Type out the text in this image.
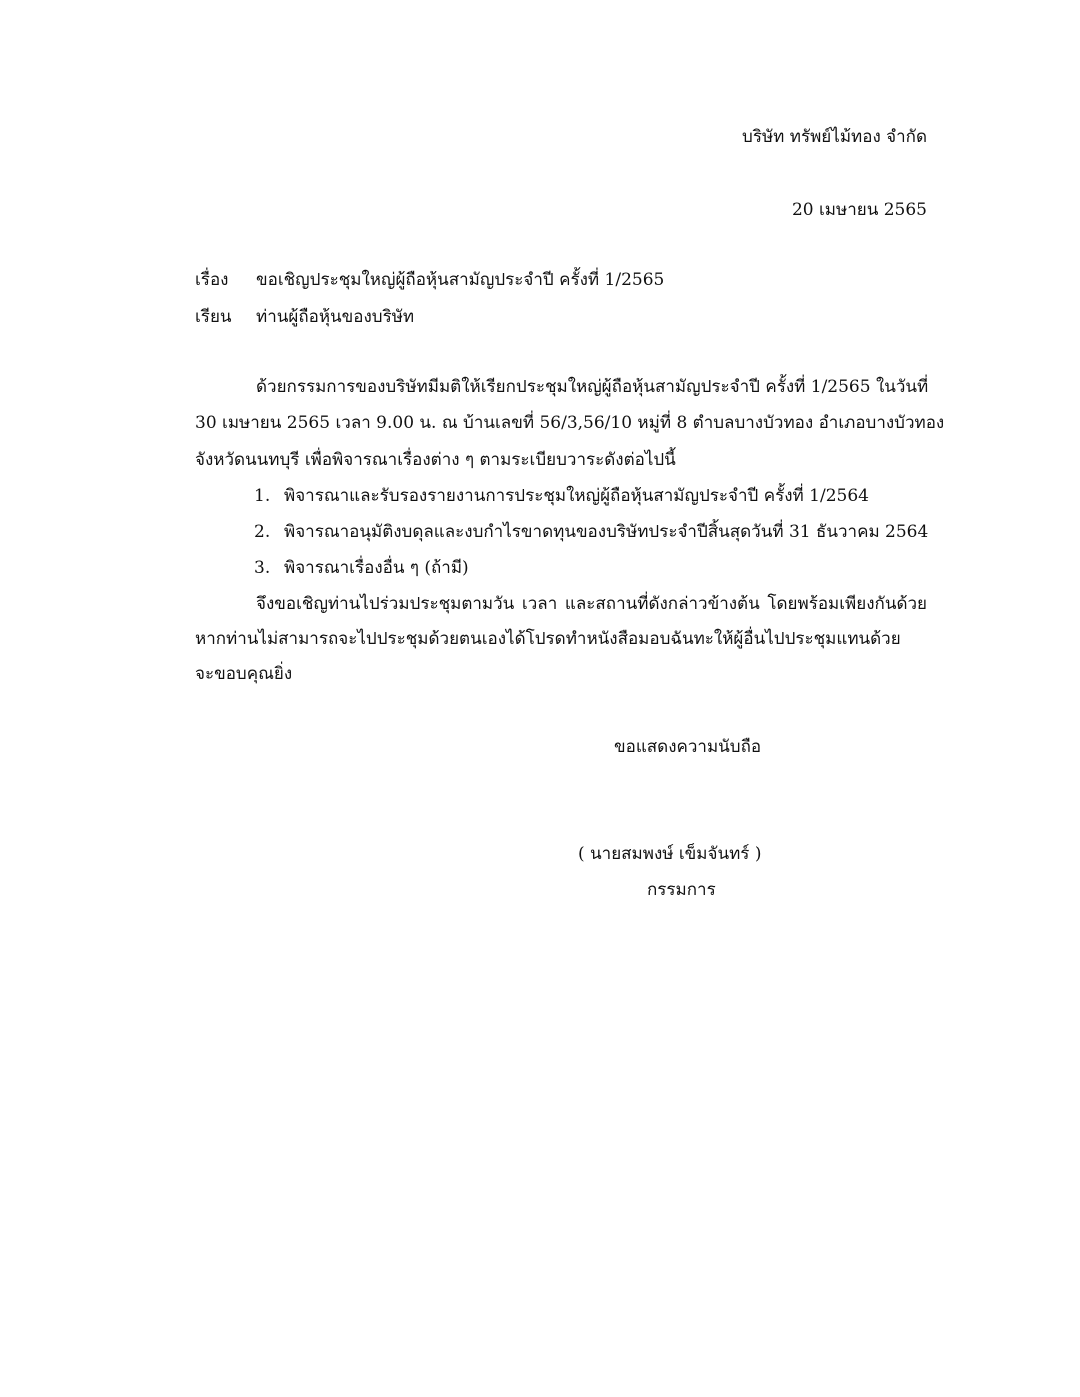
บริษัท ทรัพย์ไม้ทอง จำกัด
20 เมษายน 2565
เรื่อง ขอเชิญประชุมใหญ่ผู้ถือหุ้นสามัญประจำปี ครั้งที่ 1/2565
เรียน ท่านผู้ถือหุ้นของบริษัท
ด้วยกรรมการของบริษัทมีมติให้เรียกประชุมใหญ่ผู้ถือหุ้นสามัญประจำปี ครั้งที่ 1/2565 ในวันที่
30 เมษายน 2565 เวลา 9.00 น. ณ บ้านเลขที่ 56/3,56/10 หมู่ที่ 8 ตำบลบางบัวทอง อำเภอบางบัวทอง
จังหวัดนนทบุรี เพื่อพิจารณาเรื่องต่าง ๆ ตามระเบียบวาระดังต่อไปนี้
1. พิจารณาและรับรองรายงานการประชุมใหญ่ผู้ถือหุ้นสามัญประจำปี ครั้งที่ 1/2564
2. พิจารณาอนุมัติงบดุลและงบกำไรขาดทุนของบริษัทประจำปีสิ้นสุดวันที่ 31 ธันวาคม 2564
3. พิจารณาเรื่องอื่น ๆ (ถ้ามี)
จึงขอเชิญท่านไปร่วมประชุมตามวัน เวลา และสถานที่ดังกล่าวข้างต้น โดยพร้อมเพียงกันด้วย
หากท่านไม่สามารถจะไปประชุมด้วยตนเองได้โปรดทำหนังสือมอบฉันทะให้ผู้อื่นไปประชุมแทนด้วย
จะขอบคุณยิ่ง
ขอแสดงความนับถือ
( นายสมพงษ์ เข็มจันทร์ )
กรรมการ
